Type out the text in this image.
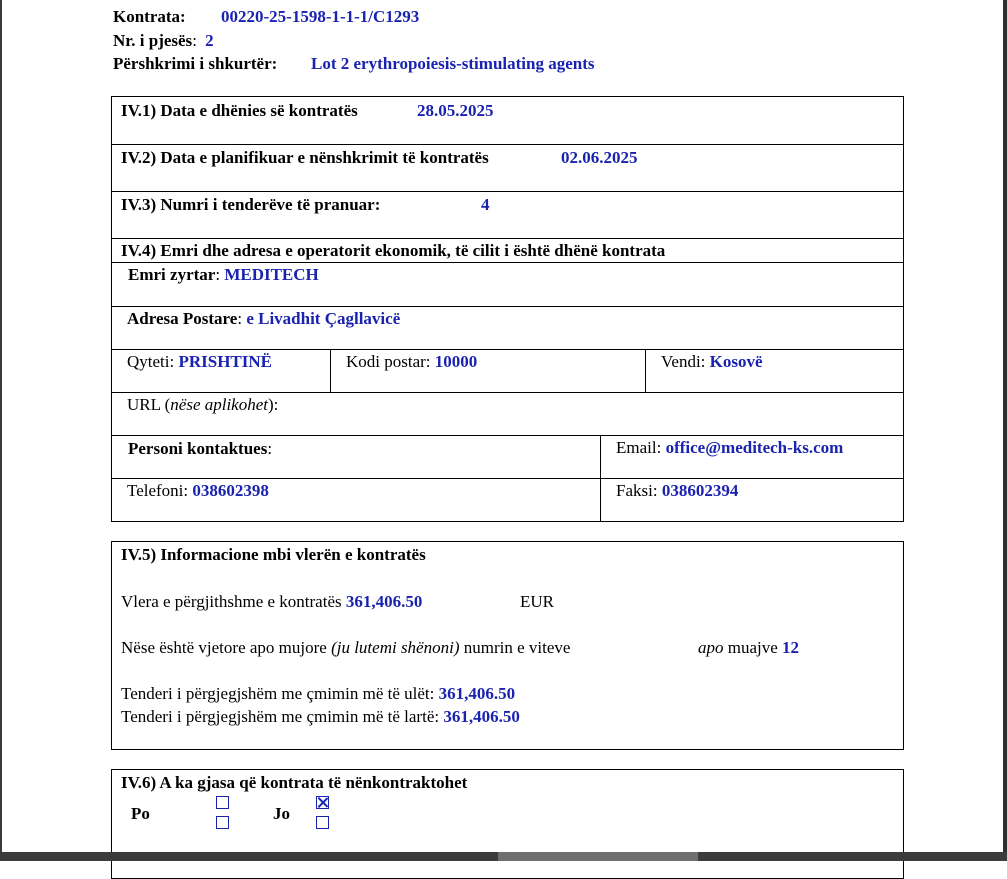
Kontrata: 00220-25-1598-1-1-1/C1293
Nr. i pjesës: 2
Përshkrimi i shkurtër: Lot 2 erythropoiesis-stimulating agents
IV.1) Data e dhënies së kontratës	28.05.2025
IV.2) Data e planifikuar e nënshkrimit të kontratës	02.06.2025
IV.3) Numri i tenderëve të pranuar:	4
IV.4) Emri dhe adresa e operatorit ekonomik, të cilit i është dhënë kontrata
Emri zyrtar: MEDITECH
Adresa Postare: e Livadhit Çagllavicë
Qyteti: PRISHTINË	Kodi postar: 10000	Vendi: Kosovë
URL (nëse aplikohet):
Personi kontaktues:	Email: office@meditech-ks.com
Telefoni: 038602398	Faksi: 038602394
IV.5) Informacione mbi vlerën e kontratës
Vlera e përgjithshme e kontratës 361,406.50	EUR
Nëse është vjetore apo mujore (ju lutemi shënoni) numrin e viteve	apo muajve 12
Tenderi i përgjegjshëm me çmimin më të ulët: 361,406.50
Tenderi i përgjegjshëm me çmimin më të lartë: 361,406.50
IV.6) A ka gjasa që kontrata të nënkontraktohet
Po	Jo
